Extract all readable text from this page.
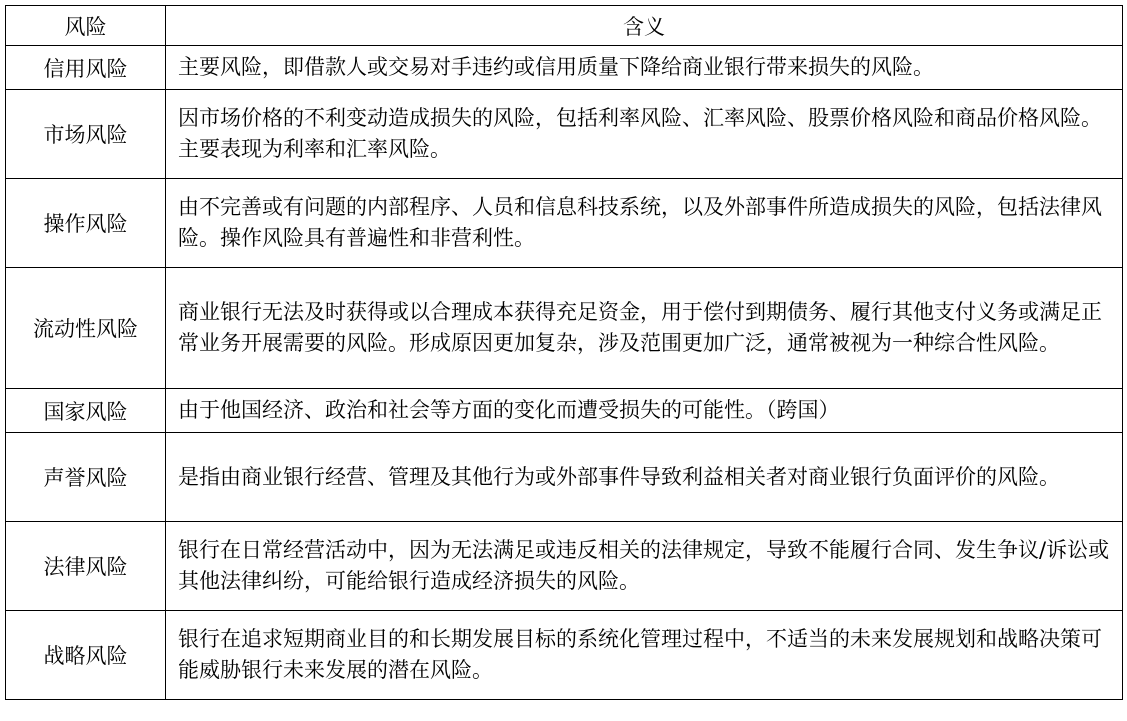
风险	含义
信用风险	主要风险，即借款人或交易对手违约或信用质量下降给商业银行带来损失的风险。
市场风险	因市场价格的不利变动造成损失的风险，包括利率风险、汇率风险、股票价格风险和商品价格风险。主要表现为利率和汇率风险。
操作风险	由不完善或有问题的内部程序、人员和信息科技系统，以及外部事件所造成损失的风险，包括法律风险。操作风险具有普遍性和非营利性。
流动性风险	商业银行无法及时获得或以合理成本获得充足资金，用于偿付到期债务、履行其他支付义务或满足正常业务开展需要的风险。形成原因更加复杂，涉及范围更加广泛，通常被视为一种综合性风险。
国家风险	由于他国经济、政治和社会等方面的变化而遭受损失的可能性。（跨国）
声誉风险	是指由商业银行经营、管理及其他行为或外部事件导致利益相关者对商业银行负面评价的风险。
法律风险	银行在日常经营活动中，因为无法满足或违反相关的法律规定，导致不能履行合同、发生争议/诉讼或其他法律纠纷，可能给银行造成经济损失的风险。
战略风险	银行在追求短期商业目的和长期发展目标的系统化管理过程中，不适当的未来发展规划和战略决策可能威胁银行未来发展的潜在风险。
